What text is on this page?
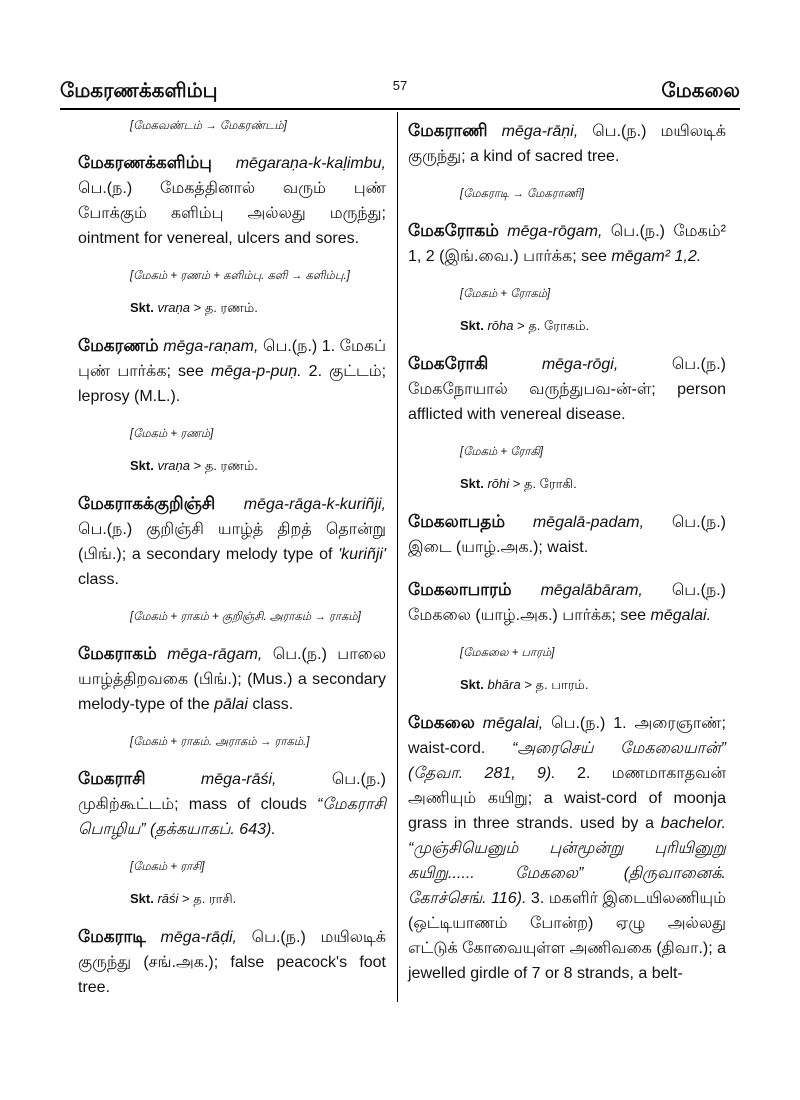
மேகரணக்களிம்பு	57	மேகலை
[மேகவண்டம் → மேகரண்டம்]
மேகரணக்களிம்பு mēgaraṇa-k-kaḷimbu, பெ.(ந.) மேகத்தினால் வரும் புண் போக்கும் களிம்பு அல்லது மருந்து; ointment for venereal, ulcers and sores.
[மேகம் + ரணம் + களிம்பு. களி → களிம்பு.]
Skt. vraṇa > த. ரணம்.
மேகரணம் mēga-raṇam, பெ.(ந.) 1. மேகப் புண் பார்க்க; see mēga-p-puṇ. 2. குட்டம்; leprosy (M.L.).
[மேகம் + ரணம்]
Skt. vraṇa > த. ரணம்.
மேகராகக்குறிஞ்சி mēga-rāga-k-kuriñji, பெ.(ந.) குறிஞ்சி யாழ்த் திறத் தொன்று (பிங்.); a secondary melody type of 'kuriñji' class.
[மேகம் + ராகம் + குறிஞ்சி. அராகம் → ராகம்]
மேகராகம் mēga-rāgam, பெ.(ந.) பாலை யாழ்த்திறவகை (பிங்.); (Mus.) a secondary melody-type of the pālai class.
[மேகம் + ராகம். அராகம் → ராகம்.]
மேகராசி	mēga-rāśi,	பெ.(ந.) முகிற்கூட்டம்; mass of clouds “மேகராசி பொழிய” (தக்கயாகப். 643).
[மேகம் + ராசி]
Skt. rāśi > த. ராசி.
மேகராடி mēga-rāḍi, பெ.(ந.) மயிலடிக் குருந்து (சங்.அக.); false peacock's foot tree.
மேகராணி mēga-rāṇi, பெ.(ந.) மயிலடிக் குருந்து; a kind of sacred tree.
[மேகராடி → மேகராணி]
மேகரோகம் mēga-rōgam, பெ.(ந.) மேகம்² 1, 2 (இங்.வை.) பார்க்க; see mēgam² 1,2.
[மேகம் + ரோகம்]
Skt. rōha > த. ரோகம்.
மேகரோகி	mēga-rōgi,	பெ.(ந.) மேகநோயால் வருந்துபவ-ன்-ள்; person afflicted with venereal disease.
[மேகம் + ரோகி]
Skt. rōhi > த. ரோகி.
மேகலாபதம் mēgalā-padam, பெ.(ந.) இடை (யாழ்.அக.); waist.
மேகலாபாரம் mēgalābāram, பெ.(ந.) மேகலை (யாழ்.அக.) பார்க்க; see mēgalai.
[மேகலை + பாரம்]
Skt. bhāra > த. பாரம்.
மேகலை mēgalai, பெ.(ந.) 1. அரைஞாண்; waist-cord. “அரைசெய் மேகலையான்” (தேவா. 281, 9). 2. மணமாகாதவன் அணியும் கயிறு; a waist-cord of moonja grass in three strands. used by a bachelor. “முஞ்சியெனும் புன்மூன்று புரியினுறு கயிறு...... மேகலை” (திருவானைக். கோச்செங். 116). 3. மகளிர் இடையிலணியும் (ஒட்டியாணம் போன்ற) ஏழு அல்லது எட்டுக் கோவையுள்ள அணிவகை (திவா.); a jewelled girdle of 7 or 8 strands, a belt-
